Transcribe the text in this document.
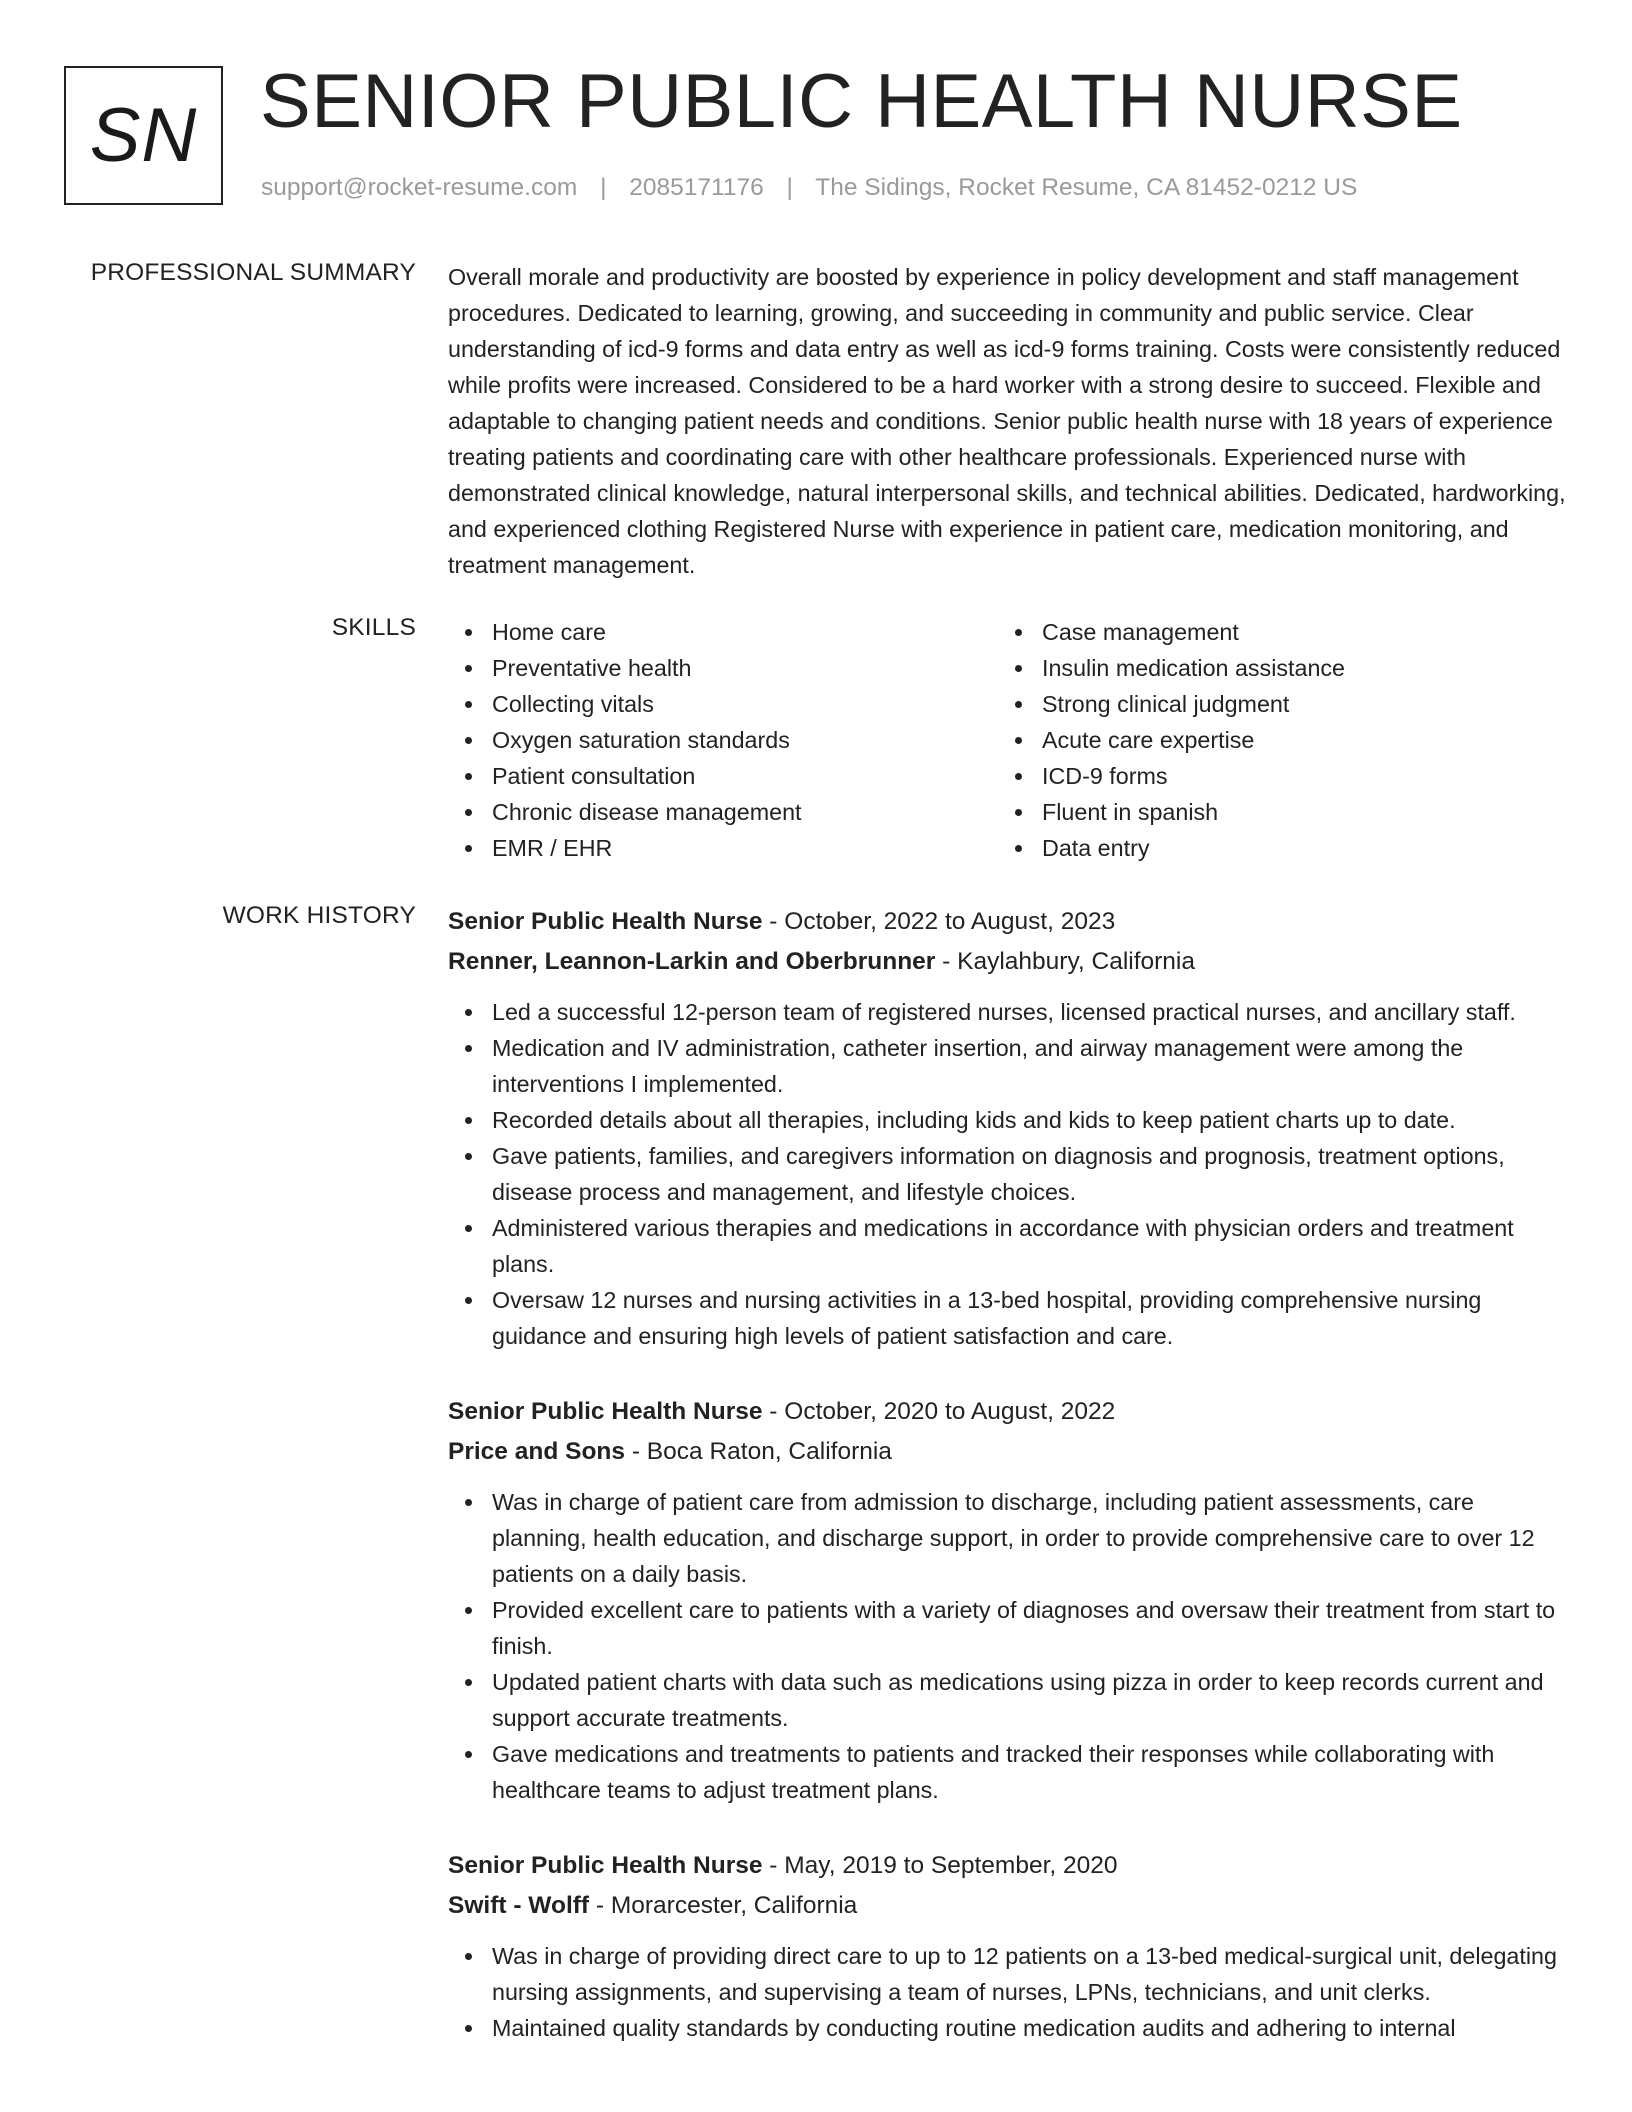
SN SENIOR PUBLIC HEALTH NURSE
support@rocket-resume.com | 2085171176 | The Sidings, Rocket Resume, CA 81452-0212 US
PROFESSIONAL SUMMARY Overall morale and productivity are boosted by experience in policy development and staff management procedures. Dedicated to learning, growing, and succeeding in community and public service. Clear understanding of icd-9 forms and data entry as well as icd-9 forms training. Costs were consistently reduced while profits were increased. Considered to be a hard worker with a strong desire to succeed. Flexible and adaptable to changing patient needs and conditions. Senior public health nurse with 18 years of experience treating patients and coordinating care with other healthcare professionals. Experienced nurse with demonstrated clinical knowledge, natural interpersonal skills, and technical abilities. Dedicated, hardworking, and experienced clothing Registered Nurse with experience in patient care, medication monitoring, and treatment management.

SKILLS	Home care
Preventative health
Collecting vitals
Oxygen saturation standards
Patient consultation
Chronic disease management
EMR / EHR
Case management
Insulin medication assistance
Strong clinical judgment
Acute care expertise
ICD-9 forms
Fluent in spanish
Data entry
WORK HISTORY Senior Public Health Nurse - October, 2022 to August, 2023
Renner, Leannon-Larkin and Oberbrunner - Kaylahbury, California
Led a successful 12-person team of registered nurses, licensed practical nurses, and ancillary staff.
Medication and IV administration, catheter insertion, and airway management were among the interventions I implemented.
Recorded details about all therapies, including kids and kids to keep patient charts up to date.
Gave patients, families, and caregivers information on diagnosis and prognosis, treatment options, disease process and management, and lifestyle choices.
Administered various therapies and medications in accordance with physician orders and treatment plans.
Oversaw 12 nurses and nursing activities in a 13-bed hospital, providing comprehensive nursing guidance and ensuring high levels of patient satisfaction and care.
Senior Public Health Nurse - October, 2020 to August, 2022
Price and Sons - Boca Raton, California
Was in charge of patient care from admission to discharge, including patient assessments, care planning, health education, and discharge support, in order to provide comprehensive care to over 12 patients on a daily basis.
Provided excellent care to patients with a variety of diagnoses and oversaw their treatment from start to finish.
Updated patient charts with data such as medications using pizza in order to keep records current and support accurate treatments.
Gave medications and treatments to patients and tracked their responses while collaborating with healthcare teams to adjust treatment plans.
Senior Public Health Nurse - May, 2019 to September, 2020
Swift - Wolff - Morarcester, California
Was in charge of providing direct care to up to 12 patients on a 13-bed medical-surgical unit, delegating nursing assignments, and supervising a team of nurses, LPNs, technicians, and unit clerks.
Maintained quality standards by conducting routine medication audits and adhering to internal
